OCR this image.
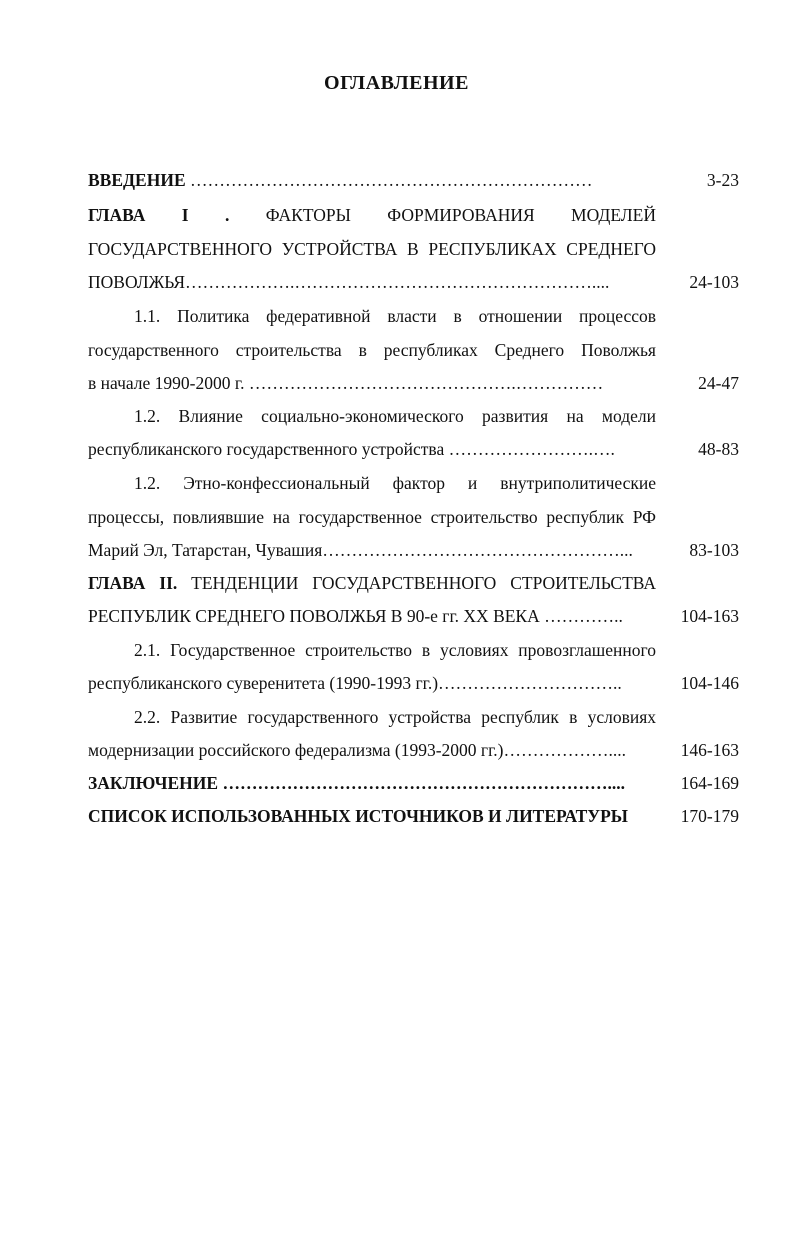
ОГЛАВЛЕНИЕ
ВВЕДЕНИЕ ……………………………………………………………	3-23
ГЛАВА I . ФАКТОРЫ ФОРМИРОВАНИЯ МОДЕЛЕЙ
ГОСУДАРСТВЕННОГО УСТРОЙСТВА В РЕСПУБЛИКАХ СРЕДНЕГО
ПОВОЛЖЬЯ……………….……………………………………………....	24-103
1.1. Политика федеративной власти в отношении процессов
государственного строительства в республиках Среднего Поволжья
в начале 1990-2000 г. ……………………………………….……………	24-47
1.2. Влияние социально-экономического развития на модели
республиканского государственного устройства …………………….….	48-83
1.2. Этно-конфессиональный фактор и внутриполитические
процессы, повлиявшие на государственное строительство республик РФ
Марий Эл, Татарстан, Чувашия……………………………………………...	83-103
ГЛАВА II. ТЕНДЕНЦИИ ГОСУДАРСТВЕННОГО СТРОИТЕЛЬСТВА
РЕСПУБЛИК СРЕДНЕГО ПОВОЛЖЬЯ В 90-е гг. XX ВЕКА …………..	104-163
2.1. Государственное строительство в условиях провозглашенного
республиканского суверенитета (1990-1993 гг.)…………………………..	104-146
2.2. Развитие государственного устройства республик в условиях
модернизации российского федерализма (1993-2000 гг.)………………....	146-163
ЗАКЛЮЧЕНИЕ …………………………………………………………....	164-169
СПИСОК ИСПОЛЬЗОВАННЫХ ИСТОЧНИКОВ И ЛИТЕРАТУРЫ	170-179
